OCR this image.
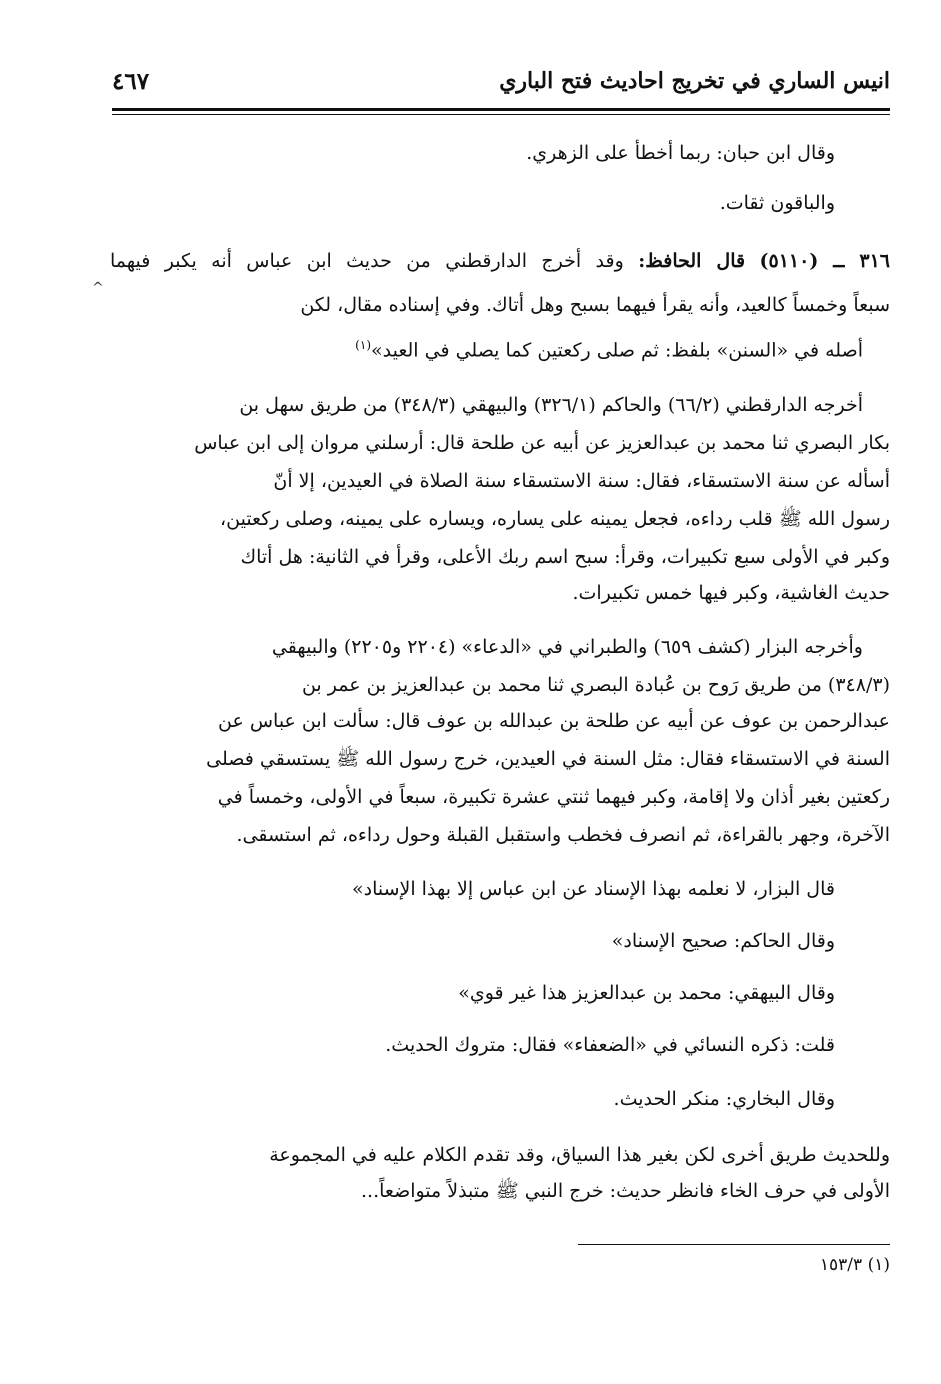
انيس الساري في تخريج احاديث فتح الباري
٤٦٧
وقال ابن حبان: ربما أخطأ على الزهري.
والباقون ثقات.
٣١٦ ــ (٥١١٠) قال الحافظ: وقد أخرج الدارقطني من حديث ابن عباس أنه يكبر فيهما
سبعاً وخمساً كالعيد، وأنه يقرأ فيهما بسبح وهل أتاك. وفي إسناده مقال، لكن
أصله في «السنن» بلفظ: ثم صلى ركعتين كما يصلي في العيد»$^{(١)}$
^
أخرجه الدارقطني (٦٦/٢) والحاكم (٣٢٦/١) والبيهقي (٣٤٨/٣) من طريق سهل بن
بكار البصري ثنا محمد بن عبدالعزيز عن أبيه عن طلحة قال: أرسلني مروان إلى ابن عباس
أسأله عن سنة الاستسقاء، فقال: سنة الاستسقاء سنة الصلاة في العيدين، إلا أنّ
رسول الله ﷺ قلب رداءه، فجعل يمينه على يساره، ويساره على يمينه، وصلى ركعتين،
وكبر في الأولى سبع تكبيرات، وقرأ: سبح اسم ربك الأعلى، وقرأ في الثانية: هل أتاك
حديث الغاشية، وكبر فيها خمس تكبيرات.
وأخرجه البزار (كشف ٦٥٩) والطبراني في «الدعاء» (٢٢٠٤ و٢٢٠٥) والبيهقي
(٣٤٨/٣) من طريق رَوح بن عُبادة البصري ثنا محمد بن عبدالعزيز بن عمر بن
عبدالرحمن بن عوف عن أبيه عن طلحة بن عبدالله بن عوف قال: سألت ابن عباس عن
السنة في الاستسقاء فقال: مثل السنة في العيدين، خرج رسول الله ﷺ يستسقي فصلى
ركعتين بغير أذان ولا إقامة، وكبر فيهما ثنتي عشرة تكبيرة، سبعاً في الأولى، وخمساً في
الآخرة، وجهر بالقراءة، ثم انصرف فخطب واستقبل القبلة وحول رداءه، ثم استسقى.
قال البزار، لا نعلمه بهذا الإسناد عن ابن عباس إلا بهذا الإسناد»
وقال الحاكم: صحيح الإسناد»
وقال البيهقي: محمد بن عبدالعزيز هذا غير قوي»
قلت: ذكره النسائي في «الضعفاء» فقال: متروك الحديث.
وقال البخاري: منكر الحديث.
وللحديث طريق أخرى لكن بغير هذا السياق، وقد تقدم الكلام عليه في المجموعة
الأولى في حرف الخاء فانظر حديث: خرج النبي ﷺ متبذلاً متواضعاً...
(١) ١٥٣/٣
